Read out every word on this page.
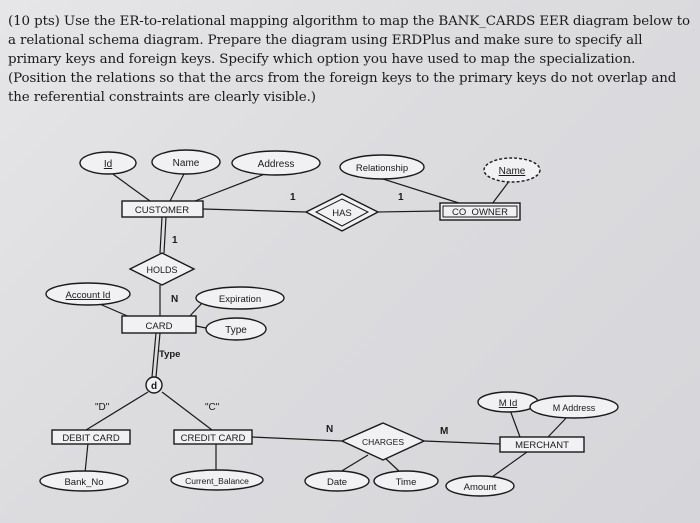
(10 pts) Use the ER-to-relational mapping algorithm to map the BANK_CARDS EER diagram below to a relational schema diagram. Prepare the diagram using ERDPlus and make sure to specify all primary keys and foreign keys. Specify which option you have used to map the specialization. (Position the relations so that the arcs from the foreign keys to the primary keys do not overlap and the referential constraints are clearly visible.)

Id	Name	Address	Relationship	Name
Account Id	Expiration
Type
Bank_No	Current_Balance	Date	Time	Amount
M Id	M Address
CUSTOMER	CO_OWNER
CARD
DEBIT CARD	CREDIT CARD
MERCHANT
HAS
HOLDS
CHARGES
d
Type
"D"	"C"
1	1
1
N
N	M
